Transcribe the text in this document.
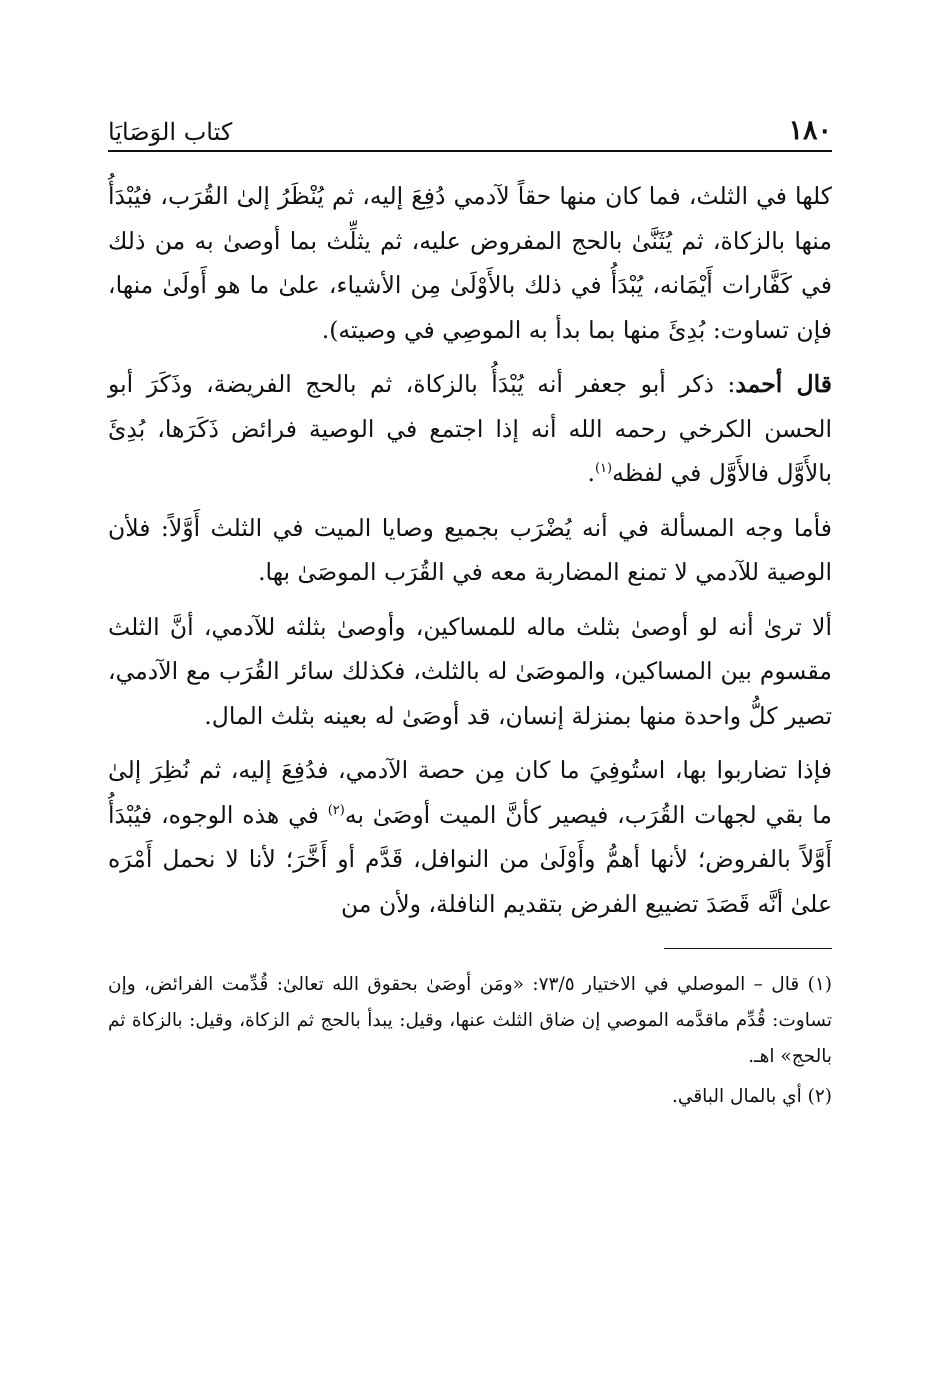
١٨٠
كتاب الوَصَايَا

كلها في الثلث، فما كان منها حقاً لآدمي دُفِعَ إليه، ثم يُنْظَرُ إلىٰ القُرَب، فيُبْدَأُ منها بالزكاة، ثم يُثَنَّىٰ بالحج المفروض عليه، ثم يثلِّث بما أوصىٰ به من ذلك في كَفَّارات أَيْمَانه، يُبْدَأُ في ذلك بالأَوْلَىٰ مِن الأشياء، علىٰ ما هو أَولَىٰ منها، فإن تساوت: بُدِئَ منها بما بدأ به الموصِي في وصيته).

قال أحمد: ذكر أبو جعفر أنه يُبْدَأُ بالزكاة، ثم بالحج الفريضة، وذَكَرَ أبو الحسن الكرخي رحمه الله أنه إذا اجتمع في الوصية فرائض ذَكَرَها، بُدِئَ بالأَوَّل فالأَوَّل في لفظه$^{(١)}$.

فأما وجه المسألة في أنه يُضْرَب بجميع وصايا الميت في الثلث أَوَّلاً: فلأن الوصية للآدمي لا تمنع المضاربة معه في القُرَب الموصَىٰ بها.

ألا ترىٰ أنه لو أوصىٰ بثلث ماله للمساكين، وأوصىٰ بثلثه للآدمي، أنَّ الثلث مقسوم بين المساكين، والموصَىٰ له بالثلث، فكذلك سائر القُرَب مع الآدمي، تصير كلُّ واحدة منها بمنزلة إنسان، قد أوصَىٰ له بعينه بثلث المال.

فإذا تضاربوا بها، استُوفِيَ ما كان مِن حصة الآدمي، فدُفِعَ إليه، ثم نُظِرَ إلىٰ ما بقي لجهات القُرَب، فيصير كأنَّ الميت أوصَىٰ به$^{(٢)}$ في هذه الوجوه، فيُبْدَأُ أَوَّلاً بالفروض؛ لأنها أهمُّ وأَوْلَىٰ من النوافل، قَدَّم أو أَخَّرَ؛ لأنا لا نحمل أَمْرَه علىٰ أنَّه قَصَدَ تضييع الفرض بتقديم النافلة، ولأن من

(١) قال – الموصلي في الاختيار ٧٣/٥: «ومَن أوصَىٰ بحقوق الله تعالىٰ: قُدِّمت الفرائض، وإن تساوت: قُدِّم ماقدَّمه الموصي إن ضاق الثلث عنها، وقيل: يبدأ بالحج ثم الزكاة، وقيل: بالزكاة ثم بالحج» اهـ.

(٢) أي بالمال الباقي.
